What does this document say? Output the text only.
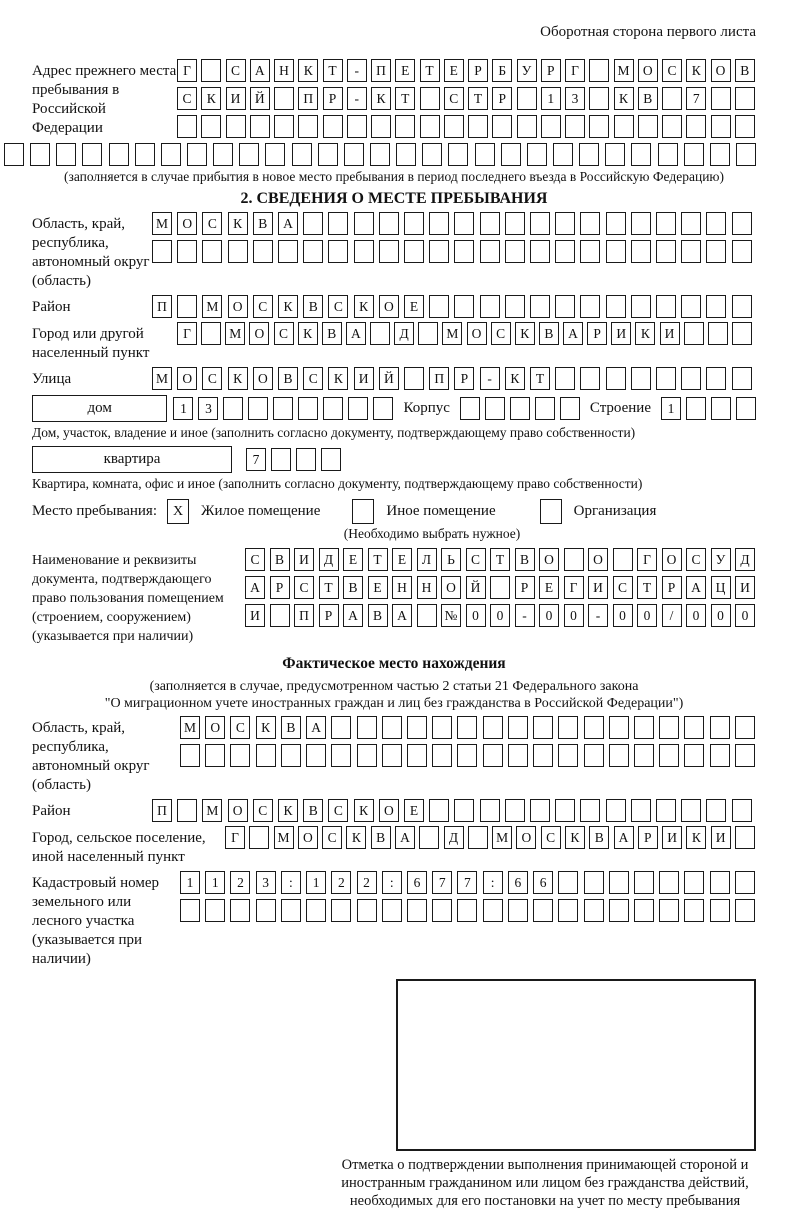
Оборотная сторона первого листа
Адрес прежнего места пребывания в Российской Федерации
Г	С	А	Н	К	Т	-	П	Е	Т	Е	Р	Б	У	Р	Г	М О	С	К	О	В
С	К	И	Й	П	Р	-	К	Т	С	Т	Р	1	3	К	В	7
(заполняется в случае прибытия в новое место пребывания в период последнего въезда в Российскую Федерацию)
2. СВЕДЕНИЯ О МЕСТЕ ПРЕБЫВАНИЯ
Область, край, республика, автономный округ (область)
М	О	С	К	В	А
Район	П	М	О	С	К	В	С	К	О	Е
Город или другой населенный пункт
Г	М О	С	К	В	А	Д	М О	С	К	В	А	Р	И	К	И
Улица	М	О	С	К	О	В	С	К	И	Й	П	Р	-	К	Т
дом	1	3	Корпус	Строение	1
Дом, участок, владение и иное (заполнить согласно документу, подтверждающему право собственности)
квартира	7
Квартира, комната, офис и иное (заполнить согласно документу, подтверждающему право собственности)
Место пребывания:	X	Жилое помещение	Иное помещение	Организация
(Необходимо выбрать нужное)
Наименование и реквизиты документа, подтверждающего право пользования помещением (строением, сооружением) (указывается при наличии)
С	В	И	Д	Е	Т	Е	Л	Ь	С	Т	В	О	О	Г	О	С	У	Д
А	Р	С	Т	В	Е	Н	Н	О	Й	Р	Е	Г	И	С	Т	Р	А	Ц	И
И	П	Р	А	В	А	№	0	0	-	0	0	-	0	0	/	0	0	0
Фактическое место нахождения
(заполняется в случае, предусмотренном частью 2 статьи 21 Федерального закона
"О миграционном учете иностранных граждан и лиц без гражданства в Российской Федерации")
Область, край, республика, автономный округ (область)
М	О	С	К	В	А
Район	П	М	О	С	К	В	С	К	О	Е
Город, сельское поселение, иной населенный пункт
Г	М О	С	К	В	А	Д	М О	С	К	В	А	Р	И	К	И
Кадастровый номер земельного или лесного участка (указывается при наличии)
1	1	2	3	:	1	2	2	:	6	7	7	:	6	6
Отметка о подтверждении выполнения принимающей стороной и иностранным гражданином или лицом без гражданства действий, необходимых для его постановки на учет по месту пребывания
